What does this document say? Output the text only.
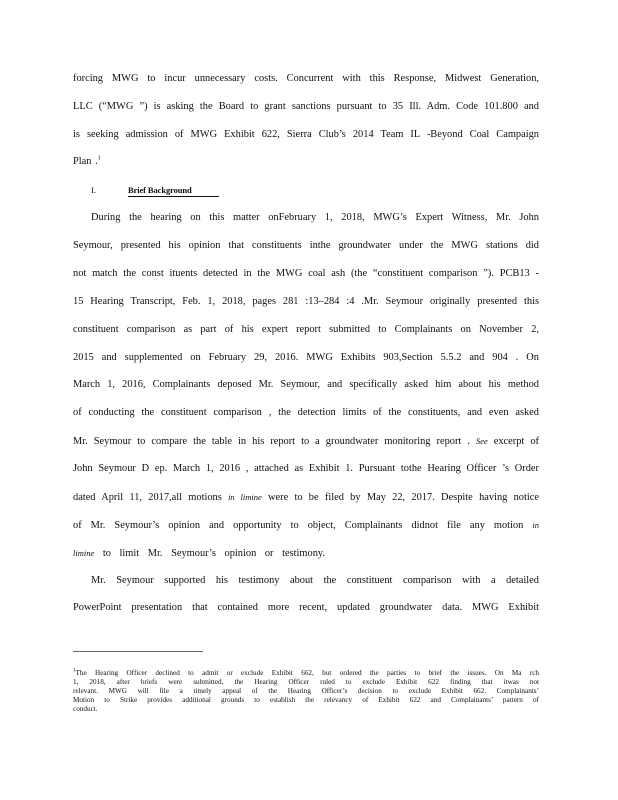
forcing MWG to incur unnecessary costs. Concurrent with this Response, Midwest Generation,
LLC (“MWG ”) is asking the Board to grant sanctions pursuant to 35 Ill. Adm. Code 101.800 and
is seeking admission of MWG Exhibit 622, Sierra Club’s 2014 Team IL -Beyond Coal Campaign
Plan .$^1$
I.	Brief Background
During the hearing on this matter onFebruary 1, 2018, MWG’s Expert Witness, Mr. John
Seymour, presented his opinion that constituents inthe groundwater under the MWG stations did
not match the const ituents detected in the MWG coal ash (the “constituent comparison ”). PCB13 -
15 Hearing Transcript, Feb. 1, 2018, pages 281 :13–284 :4 .Mr. Seymour originally presented this
constituent comparison as part of his expert report submitted to Complainants on November 2,
2015 and supplemented on February 29, 2016. MWG Exhibits 903,Section 5.5.2 and 904 . On
March 1, 2016, Complainants deposed Mr. Seymour, and specifically asked him about his method
of conducting the constituent comparison , the detection limits of the constituents, and even asked
Mr. Seymour to compare the table in his report to a groundwater monitoring report . See excerpt of
John Seymour D ep. March 1, 2016 , attached as Exhibit 1. Pursuant tothe Hearing Officer ’s Order
dated April 11, 2017,all motions in limine were to be filed by May 22, 2017. Despite having notice
of Mr. Seymour’s opinion and opportunity to object, Complainants didnot file any motion in
limine to limit Mr. Seymour’s opinion or testimony.
Mr. Seymour supported his testimony about the constituent comparison with a detailed
PowerPoint presentation that contained more recent, updated groundwater data. MWG Exhibit
$^1$The Hearing Officer declined to admit or exclude Exhibit 662, but ordered the parties to brief the issues. On Ma rch
1, 2018, after briefs were submitted, the Hearing Officer ruled to exclude Exhibit 622 finding that itwas not
relevant. MWG will file a timely appeal of the Hearing Officer’s decision to exclude Exhibit 662. Complainants’
Motion to Strike provides additional grounds to establish the relevancy of Exhibit 622 and Complainants’ pattern of
conduct.
